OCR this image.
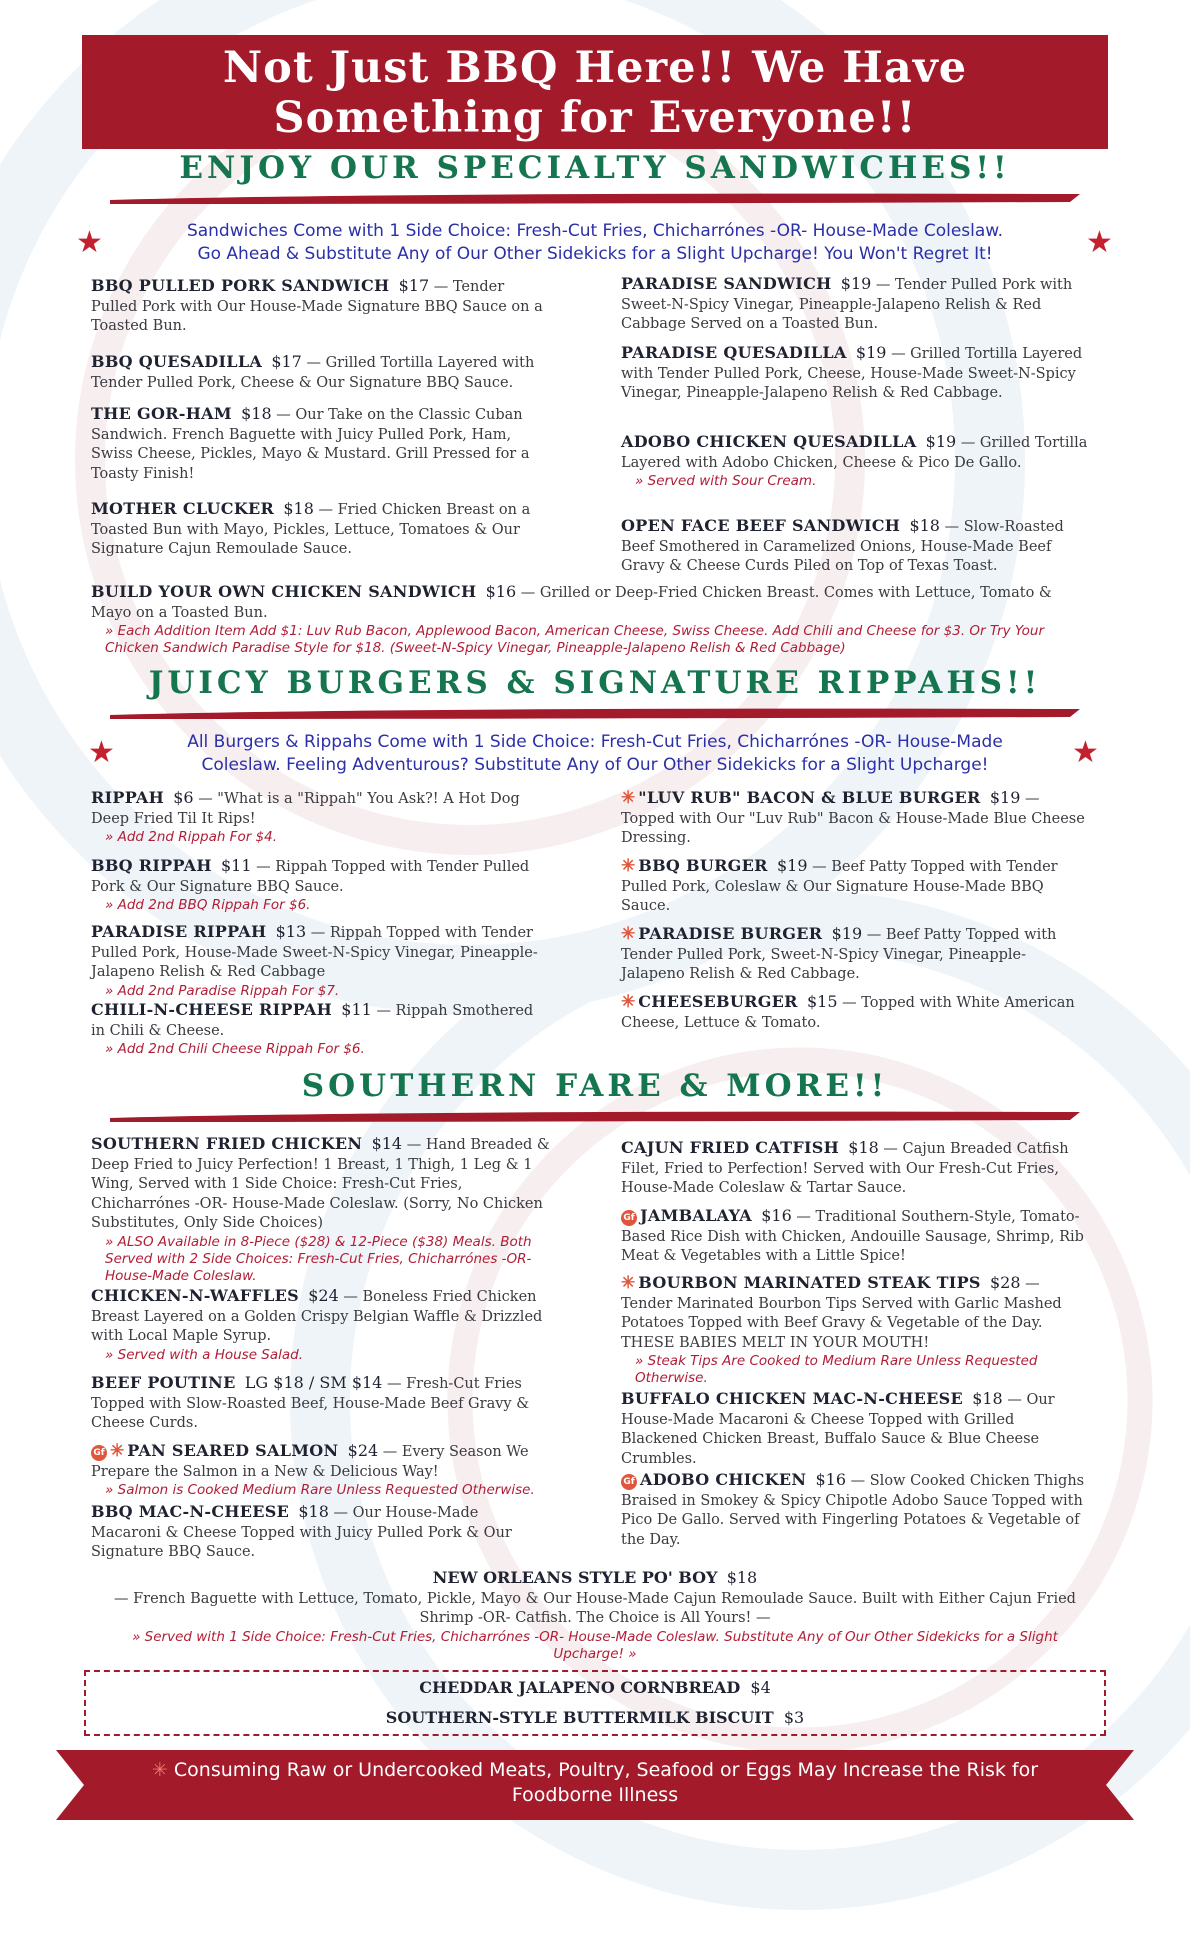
Not Just BBQ Here!! We Have
Something for Everyone!!
ENJOY OUR SPECIALTY SANDWICHES!!
★	★
Sandwiches Come with 1 Side Choice: Fresh-Cut Fries, Chicharrónes -OR- House-Made Coleslaw.
Go Ahead & Substitute Any of Our Other Sidekicks for a Slight Upcharge! You Won't Regret It!
BBQ PULLED PORK SANDWICH $17 — Tender Pulled Pork with Our House-Made Signature BBQ Sauce on a Toasted Bun.
BBQ QUESADILLA $17 — Grilled Tortilla Layered with Tender Pulled Pork, Cheese & Our Signature BBQ Sauce.
THE GOR-HAM $18 — Our Take on the Classic Cuban Sandwich. French Baguette with Juicy Pulled Pork, Ham, Swiss Cheese, Pickles, Mayo & Mustard. Grill Pressed for a Toasty Finish!
MOTHER CLUCKER $18 — Fried Chicken Breast on a Toasted Bun with Mayo, Pickles, Lettuce, Tomatoes & Our Signature Cajun Remoulade Sauce.
PARADISE SANDWICH $19 — Tender Pulled Pork with Sweet-N-Spicy Vinegar, Pineapple-Jalapeno Relish & Red Cabbage Served on a Toasted Bun.
PARADISE QUESADILLA $19 — Grilled Tortilla Layered with Tender Pulled Pork, Cheese, House-Made Sweet-N-Spicy Vinegar, Pineapple-Jalapeno Relish & Red Cabbage.
ADOBO CHICKEN QUESADILLA $19 — Grilled Tortilla Layered with Adobo Chicken, Cheese & Pico De Gallo.
» Served with Sour Cream.
OPEN FACE BEEF SANDWICH $18 — Slow-Roasted Beef Smothered in Caramelized Onions, House-Made Beef Gravy & Cheese Curds Piled on Top of Texas Toast.
BUILD YOUR OWN CHICKEN SANDWICH $16 — Grilled or Deep-Fried Chicken Breast. Comes with Lettuce, Tomato & Mayo on a Toasted Bun.
» Each Addition Item Add $1: Luv Rub Bacon, Applewood Bacon, American Cheese, Swiss Cheese. Add Chili and Cheese for $3. Or Try Your Chicken Sandwich Paradise Style for $18. (Sweet-N-Spicy Vinegar, Pineapple-Jalapeno Relish & Red Cabbage)
JUICY BURGERS & SIGNATURE RIPPAHS!!
★	★
All Burgers & Rippahs Come with 1 Side Choice: Fresh-Cut Fries, Chicharrónes -OR- House-Made
Coleslaw. Feeling Adventurous? Substitute Any of Our Other Sidekicks for a Slight Upcharge!
RIPPAH $6 — "What is a "Rippah" You Ask?! A Hot Dog Deep Fried Til It Rips!
» Add 2nd Rippah For $4.
BBQ RIPPAH $11 — Rippah Topped with Tender Pulled Pork & Our Signature BBQ Sauce.
» Add 2nd BBQ Rippah For $6.
PARADISE RIPPAH $13 — Rippah Topped with Tender Pulled Pork, House-Made Sweet-N-Spicy Vinegar, Pineapple-Jalapeno Relish & Red Cabbage
» Add 2nd Paradise Rippah For $7.
CHILI-N-CHEESE RIPPAH $11 — Rippah Smothered in Chili & Cheese.
» Add 2nd Chili Cheese Rippah For $6.
✳ "LUV RUB" BACON & BLUE BURGER $19 — Topped with Our "Luv Rub" Bacon & House-Made Blue Cheese Dressing.
✳ BBQ BURGER $19 — Beef Patty Topped with Tender Pulled Pork, Coleslaw & Our Signature House-Made BBQ Sauce.
✳ PARADISE BURGER $19 — Beef Patty Topped with Tender Pulled Pork, Sweet-N-Spicy Vinegar, Pineapple-Jalapeno Relish & Red Cabbage.
✳ CHEESEBURGER $15 — Topped with White American Cheese, Lettuce & Tomato.
SOUTHERN FARE & MORE!!
SOUTHERN FRIED CHICKEN $14 — Hand Breaded & Deep Fried to Juicy Perfection! 1 Breast, 1 Thigh, 1 Leg & 1 Wing, Served with 1 Side Choice: Fresh-Cut Fries, Chicharrónes -OR- House-Made Coleslaw. (Sorry, No Chicken Substitutes, Only Side Choices)
» ALSO Available in 8-Piece ($28) & 12-Piece ($38) Meals. Both Served with 2 Side Choices: Fresh-Cut Fries, Chicharrónes -OR- House-Made Coleslaw.
CHICKEN-N-WAFFLES $24 — Boneless Fried Chicken Breast Layered on a Golden Crispy Belgian Waffle & Drizzled with Local Maple Syrup.
» Served with a House Salad.
BEEF POUTINE LG $18 / SM $14 — Fresh-Cut Fries Topped with Slow-Roasted Beef, House-Made Beef Gravy & Cheese Curds.
Gf ✳ PAN SEARED SALMON $24 — Every Season We Prepare the Salmon in a New & Delicious Way!
» Salmon is Cooked Medium Rare Unless Requested Otherwise.
BBQ MAC-N-CHEESE $18 — Our House-Made Macaroni & Cheese Topped with Juicy Pulled Pork & Our Signature BBQ Sauce.
CAJUN FRIED CATFISH $18 — Cajun Breaded Catfish Filet, Fried to Perfection! Served with Our Fresh-Cut Fries, House-Made Coleslaw & Tartar Sauce.
Gf JAMBALAYA $16 — Traditional Southern-Style, Tomato-Based Rice Dish with Chicken, Andouille Sausage, Shrimp, Rib Meat & Vegetables with a Little Spice!
✳ BOURBON MARINATED STEAK TIPS $28 — Tender Marinated Bourbon Tips Served with Garlic Mashed Potatoes Topped with Beef Gravy & Vegetable of the Day. THESE BABIES MELT IN YOUR MOUTH!
» Steak Tips Are Cooked to Medium Rare Unless Requested Otherwise.
BUFFALO CHICKEN MAC-N-CHEESE $18 — Our House-Made Macaroni & Cheese Topped with Grilled Blackened Chicken Breast, Buffalo Sauce & Blue Cheese Crumbles.
Gf ADOBO CHICKEN $16 — Slow Cooked Chicken Thighs Braised in Smokey & Spicy Chipotle Adobo Sauce Topped with Pico De Gallo. Served with Fingerling Potatoes & Vegetable of the Day.
NEW ORLEANS STYLE PO' BOY $18
— French Baguette with Lettuce, Tomato, Pickle, Mayo & Our House-Made Cajun Remoulade Sauce. Built with Either Cajun Fried Shrimp -OR- Catfish. The Choice is All Yours! —
» Served with 1 Side Choice: Fresh-Cut Fries, Chicharrónes -OR- House-Made Coleslaw. Substitute Any of Our Other Sidekicks for a Slight Upcharge! »
CHEDDAR JALAPENO CORNBREAD $4
SOUTHERN-STYLE BUTTERMILK BISCUIT $3
✳ Consuming Raw or Undercooked Meats, Poultry, Seafood or Eggs May Increase the Risk for
Foodborne Illness
